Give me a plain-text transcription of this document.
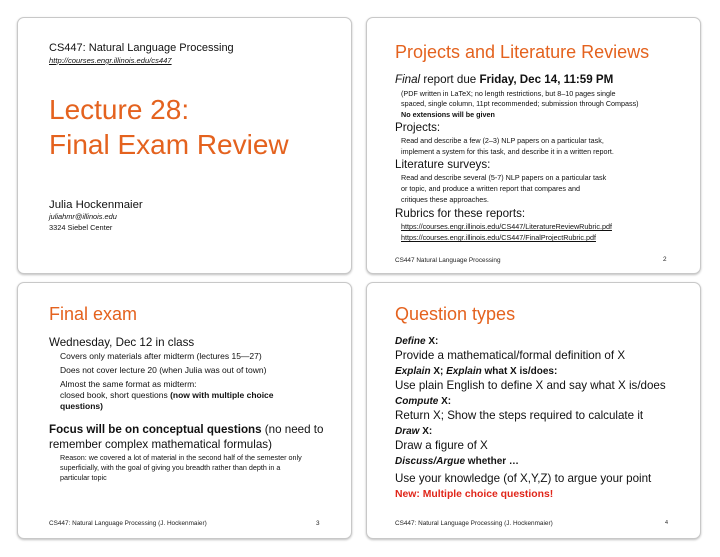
CS447: Natural Language Processing
http://courses.engr.illinois.edu/cs447
Lecture 28:
Final Exam Review
Julia Hockenmaier
juliahmr@illinois.edu
3324 Siebel Center
Projects and Literature Reviews
Final report due Friday, Dec 14, 11:59 PM
(PDF written in LaTeX; no length restrictions, but 8–10 pages single
spaced, single column, 11pt recommended; submission through Compass)
No extensions will be given
Projects:
Read and describe a few (2–3) NLP papers on a particular task,
implement a system for this task, and describe it in a written report.
Literature surveys:
Read and describe several (5-7) NLP papers on a particular task
or topic, and produce a written report that compares and
critiques these approaches.
Rubrics for these reports:
https://courses.engr.illinois.edu/CS447/LiteratureReviewRubric.pdf
https://courses.engr.illinois.edu/CS447/FinalProjectRubric.pdf
CS447 Natural Language Processing	2
Final exam
Wednesday, Dec 12 in class
Covers only materials after midterm (lectures 15—27)
Does not cover lecture 20 (when Julia was out of town)
Almost the same format as midterm:
closed book, short questions (now with multiple choice
questions)
Focus will be on conceptual questions (no need to
remember complex mathematical formulas)
Reason: we covered a lot of material in the second half of the semester only
superficially, with the goal of giving you breadth rather than depth in a
particular topic
CS447: Natural Language Processing (J. Hockenmaier)	3
Question types
Define X:
Provide a mathematical/formal definition of X
Explain X; Explain what X is/does:
Use plain English to define X and say what X is/does
Compute X:
Return X; Show the steps required to calculate it
Draw X:
Draw a figure of X
Discuss/Argue whether …
Use your knowledge (of X,Y,Z) to argue your point
New: Multiple choice questions!
CS447: Natural Language Processing (J. Hockenmaier)	4
